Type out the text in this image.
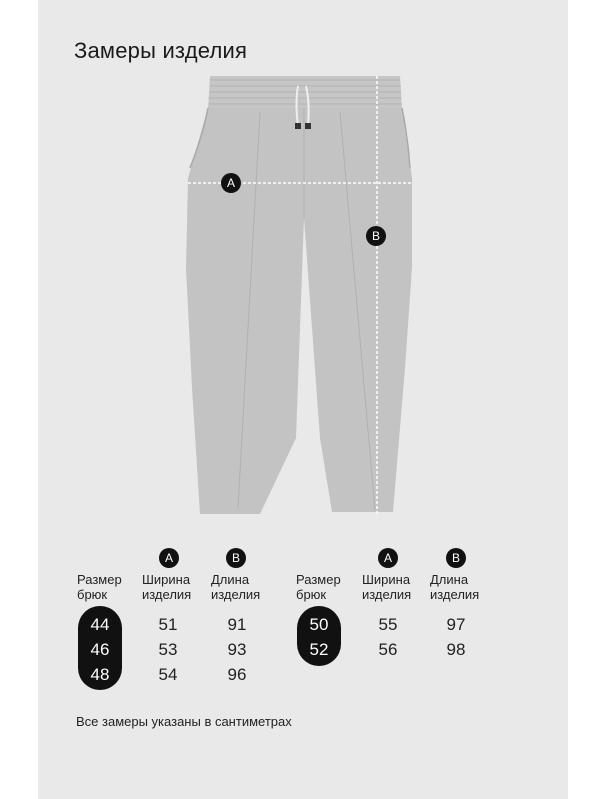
Замеры изделия
A
B
A	B
Размер
брюк
Ширина
изделия
Длина
изделия
44
46
48
51
53
54
91
93
96
A	B
Размер
брюк
Ширина
изделия
Длина
изделия
50
52
55
56
97
98
Все замеры указаны в сантиметрах
